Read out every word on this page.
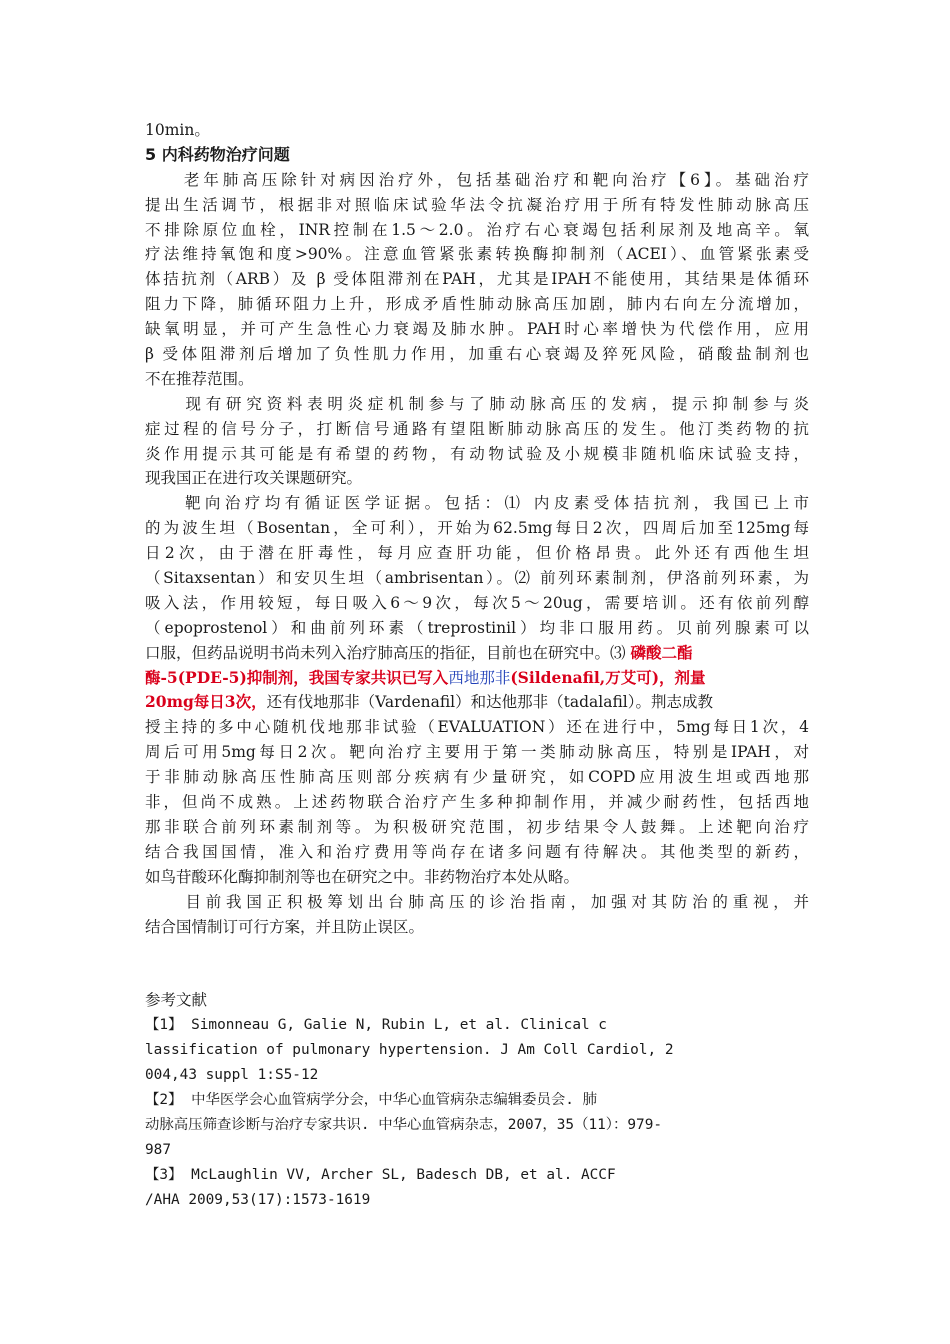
10min。
5 内科药物治疗问题
　　老年肺高压除针对病因治疗外，包括基础治疗和靶向治疗【6】。基础治疗
提出生活调节，根据非对照临床试验华法令抗凝治疗用于所有特发性肺动脉高压
不排除原位血栓，INR控制在1.5～2.0。治疗右心衰竭包括利尿剂及地高辛。氧
疗法维持氧饱和度>90%。注意血管紧张素转换酶抑制剂（ACEI）、血管紧张素受
体拮抗剂（ARB）及 β 受体阻滞剂在PAH，尤其是IPAH不能使用，其结果是体循环
阻力下降，肺循环阻力上升，形成矛盾性肺动脉高压加剧，肺内右向左分流增加，
缺氧明显，并可产生急性心力衰竭及肺水肿。PAH时心率增快为代偿作用，应用
β 受体阻滞剂后增加了负性肌力作用，加重右心衰竭及猝死风险，硝酸盐制剂也
不在推荐范围。
　　现有研究资料表明炎症机制参与了肺动脉高压的发病，提示抑制参与炎
症过程的信号分子，打断信号通路有望阻断肺动脉高压的发生。他汀类药物的抗
炎作用提示其可能是有希望的药物，有动物试验及小规模非随机临床试验支持，
现我国正在进行攻关课题研究。
　　靶向治疗均有循证医学证据。包括：⑴ 内皮素受体拮抗剂，我国已上市
的为波生坦（Bosentan，全可利），开始为62.5mg每日2次，四周后加至125mg每
日2次，由于潜在肝毒性，每月应查肝功能，但价格昂贵。此外还有西他生坦
（Sitaxsentan）和安贝生坦（ambrisentan）。⑵ 前列环素制剂，伊洛前列环素，为
吸入法，作用较短，每日吸入6～9次，每次5～20ug，需要培训。还有依前列醇
（epoprostenol）和曲前列环素（treprostinil）均非口服用药。贝前列腺素可以
口服，但药品说明书尚未列入治疗肺高压的指征，目前也在研究中。⑶ 磷酸二酯
酶-5(PDE-5)抑制剂，我国专家共识已写入西地那非(Sildenafil,万艾可)，剂量
20mg每日3次，还有伐地那非（Vardenafil）和达他那非（tadalafil）。荆志成教
授主持的多中心随机伐地那非试验（EVALUATION）还在进行中，5mg每日1次，4
周后可用5mg每日2次。靶向治疗主要用于第一类肺动脉高压，特别是IPAH，对
于非肺动脉高压性肺高压则部分疾病有少量研究，如COPD应用波生坦或西地那
非，但尚不成熟。上述药物联合治疗产生多种抑制作用，并减少耐药性，包括西地
那非联合前列环素制剂等。为积极研究范围，初步结果令人鼓舞。上述靶向治疗
结合我国国情，准入和治疗费用等尚存在诸多问题有待解决。其他类型的新药，
如鸟苷酸环化酶抑制剂等也在研究之中。非药物治疗本处从略。
　　目前我国正积极筹划出台肺高压的诊治指南，加强对其防治的重视，并
结合国情制订可行方案，并且防止误区。
参考文献
【1】 Simonneau G, Galie N, Rubin L, et al. Clinical c
lassification of pulmonary hypertension. J Am Coll Cardiol, 2
004,43 suppl 1:S5-12
【2】 中华医学会心血管病学分会，中华心血管病杂志编辑委员会. 肺
动脉高压筛查诊断与治疗专家共识. 中华心血管病杂志，2007，35（11）：979-
987
【3】 McLaughlin VV, Archer SL, Badesch DB, et al. ACCF
/AHA 2009,53(17):1573-1619
